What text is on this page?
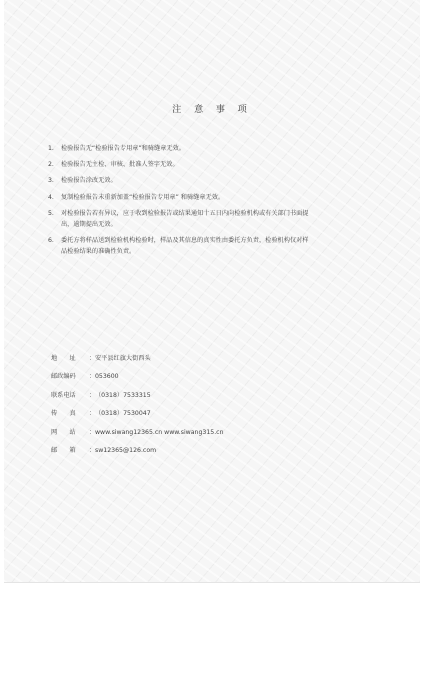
注 意 事 项
1.	检验报告无“检验报告专用章”和骑缝章无效。
2.	检验报告无主检、审核、批准人签字无效。
3.	检验报告涂改无效。
4.	复制检验报告未重新加盖“检验报告专用章” 和骑缝章无效。
5.	对检验报告若有异议，应于收到检验报告或结果通知十五日内向检验机构或有关部门书面提
出，逾期提出无效。
6.	委托方将样品送到检验机构检验时，样品及其信息的真实性由委托方负责，检验机构仅对样
品检验结果的准确性负责。
地　　址	： 安平县红旗大街西头
邮政编码	： 053600
联系电话	： （0318）7533315
传　　真	： （0318）7530047
网　　站	： www.siwang12365.cn www.siwang315.cn
邮　　箱	： sw12365@126.com
